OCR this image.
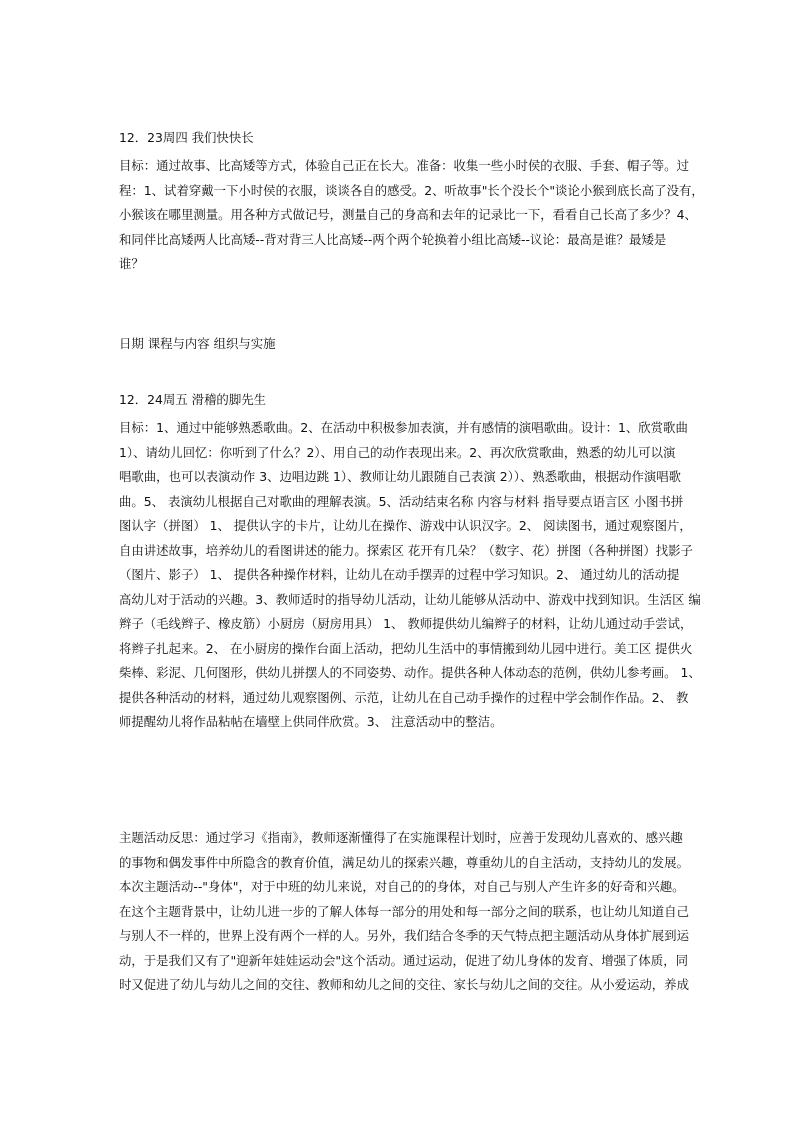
12．23周四 我们快快长
目标：通过故事、比高矮等方式，体验自己正在长大。准备：收集一些小时侯的衣服、手套、帽子等。过
程：1、试着穿戴一下小时侯的衣服，谈谈各自的感受。2、听故事"长个没长个"谈论小猴到底长高了没有，
小猴该在哪里测量。用各种方式做记号，测量自己的身高和去年的记录比一下，看看自己长高了多少？4、
和同伴比高矮两人比高矮--背对背三人比高矮--两个两个轮换着小组比高矮--议论：最高是谁？最矮是
谁？
日期 课程与内容 组织与实施
12．24周五 滑稽的脚先生
目标：1、通过中能够熟悉歌曲。2、在活动中积极参加表演，并有感情的演唱歌曲。设计：1、欣赏歌曲
1）、请幼儿回忆：你听到了什么？2）、用自己的动作表现出来。2、再次欣赏歌曲，熟悉的幼儿可以演
唱歌曲，也可以表演动作 3、边唱边跳 1）、教师让幼儿跟随自己表演 2））、熟悉歌曲，根据动作演唱歌
曲。5、 表演幼儿根据自己对歌曲的理解表演。5、活动结束名称 内容与材料 指导要点语言区 小图书拼
图认字（拼图） 1、 提供认字的卡片，让幼儿在操作、游戏中认识汉字。2、 阅读图书，通过观察图片，
自由讲述故事，培养幼儿的看图讲述的能力。探索区 花开有几朵？（数字、花）拼图（各种拼图）找影子
（图片、影子） 1、 提供各种操作材料，让幼儿在动手摆弄的过程中学习知识。2、 通过幼儿的活动提
高幼儿对于活动的兴趣。3、教师适时的指导幼儿活动，让幼儿能够从活动中、游戏中找到知识。生活区 编
辫子（毛线辫子、橡皮筋）小厨房（厨房用具） 1、 教师提供幼儿编辫子的材料，让幼儿通过动手尝试，
将辫子扎起来。2、 在小厨房的操作台面上活动，把幼儿生活中的事情搬到幼儿园中进行。美工区 提供火
柴棒、彩泥、几何图形，供幼儿拼摆人的不同姿势、动作。提供各种人体动态的范例，供幼儿参考画。 1、
提供各种活动的材料，通过幼儿观察图例、示范，让幼儿在自己动手操作的过程中学会制作作品。2、 教
师提醒幼儿将作品粘帖在墙壁上供同伴欣赏。3、 注意活动中的整洁。
主题活动反思：通过学习《指南》，教师逐渐懂得了在实施课程计划时，应善于发现幼儿喜欢的、感兴趣
的事物和偶发事件中所隐含的教育价值，满足幼儿的探索兴趣，尊重幼儿的自主活动，支持幼儿的发展。
本次主题活动--"身体"，对于中班的幼儿来说，对自己的的身体，对自己与别人产生许多的好奇和兴趣。
在这个主题背景中，让幼儿进一步的了解人体每一部分的用处和每一部分之间的联系，也让幼儿知道自己
与别人不一样的，世界上没有两个一样的人。另外，我们结合冬季的天气特点把主题活动从身体扩展到运
动，于是我们又有了"迎新年娃娃运动会"这个活动。通过运动，促进了幼儿身体的发育、增强了体质，同
时又促进了幼儿与幼儿之间的交往、教师和幼儿之间的交往、家长与幼儿之间的交往。从小爱运动，养成
